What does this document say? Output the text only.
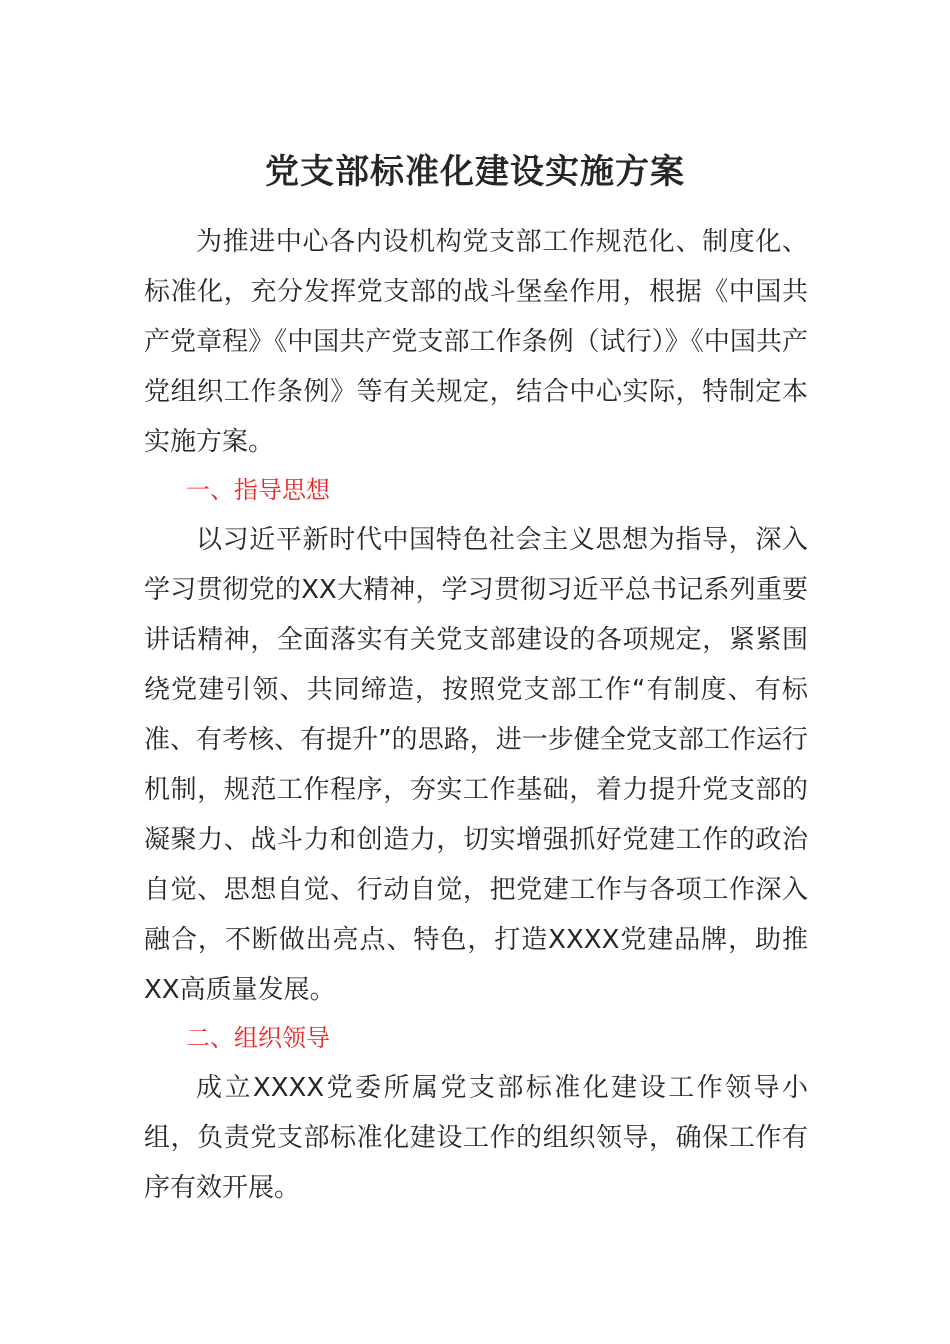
党支部标准化建设实施方案

为推进中心各内设机构党支部工作规范化、制度化、标准化，充分发挥党支部的战斗堡垒作用，根据《中国共产党章程》《中国共产党支部工作条例（试行）》《中国共产党组织工作条例》等有关规定，结合中心实际，特制定本实施方案。

一、指导思想

以习近平新时代中国特色社会主义思想为指导，深入学习贯彻党的XX大精神，学习贯彻习近平总书记系列重要讲话精神，全面落实有关党支部建设的各项规定，紧紧围绕党建引领、共同缔造，按照党支部工作“有制度、有标准、有考核、有提升”的思路，进一步健全党支部工作运行机制，规范工作程序，夯实工作基础，着力提升党支部的凝聚力、战斗力和创造力，切实增强抓好党建工作的政治自觉、思想自觉、行动自觉，把党建工作与各项工作深入融合，不断做出亮点、特色，打造XXXX党建品牌，助推XX高质量发展。

二、组织领导

成立XXXX党委所属党支部标准化建设工作领导小组，负责党支部标准化建设工作的组织领导，确保工作有序有效开展。
